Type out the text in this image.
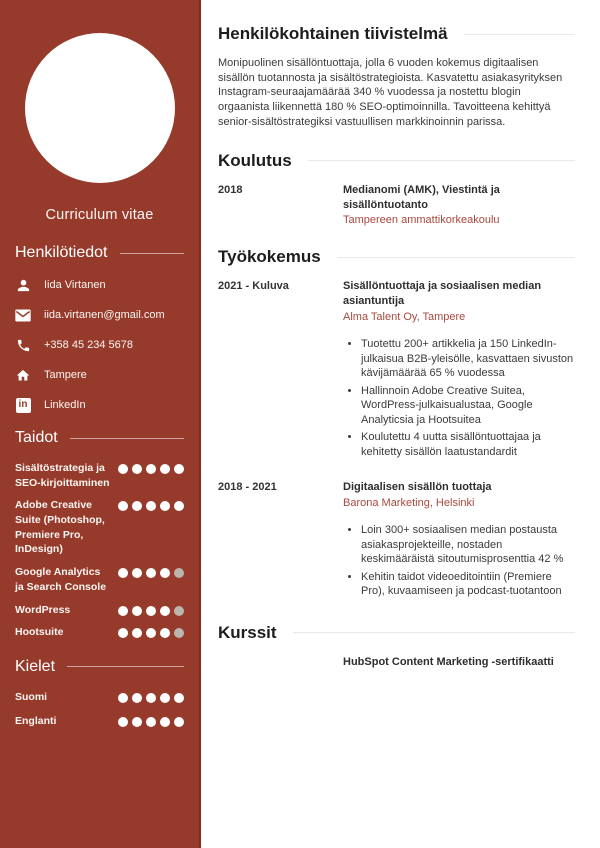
Curriculum vitae
Henkilötiedot
Iida Virtanen
iida.virtanen@gmail.com
+358 45 234 5678
Tampere
in LinkedIn
Taidot
Sisältöstrategia ja SEO-kirjoittaminen
Adobe Creative Suite (Photoshop, Premiere Pro, InDesign)
Google Analytics ja Search Console
WordPress
Hootsuite
Kielet
Suomi
Englanti
Henkilökohtainen tiivistelmä

Monipuolinen sisällöntuottaja, jolla 6 vuoden kokemus digitaalisen sisällön tuotannosta ja sisältöstrategioista. Kasvatettu asiakasyrityksen Instagram-seuraajamäärää 340 % vuodessa ja nostettu blogin orgaanista liikennettä 180 % SEO-optimoinnilla. Tavoitteena kehittyä senior-sisältöstrategiksi vastuullisen markkinoinnin parissa.

Koulutus
2018	Medianomi (AMK), Viestintä ja sisällöntuotanto
Tampereen ammattikorkeakoulu
Työkokemus
2021 - Kuluva	Sisällöntuottaja ja sosiaalisen median asiantuntija
Alma Talent Oy, Tampere
• Tuotettu 200+ artikkelia ja 150 LinkedIn-julkaisua B2B-yleisölle, kasvattaen sivuston kävijämäärää 65 % vuodessa
• Hallinnoin Adobe Creative Suitea, WordPress-julkaisualustaa, Google Analyticsia ja Hootsuitea
• Koulutettu 4 uutta sisällöntuottajaa ja kehitetty sisällön laatustandardit
2018 - 2021	Digitaalisen sisällön tuottaja
Barona Marketing, Helsinki
• Loin 300+ sosiaalisen median postausta asiakasprojekteille, nostaden keskimääräistä sitoutumisprosenttia 42 %
• Kehitin taidot videoeditointiin (Premiere Pro), kuvaamiseen ja podcast-tuotantoon
Kurssit
HubSpot Content Marketing -sertifikaatti
